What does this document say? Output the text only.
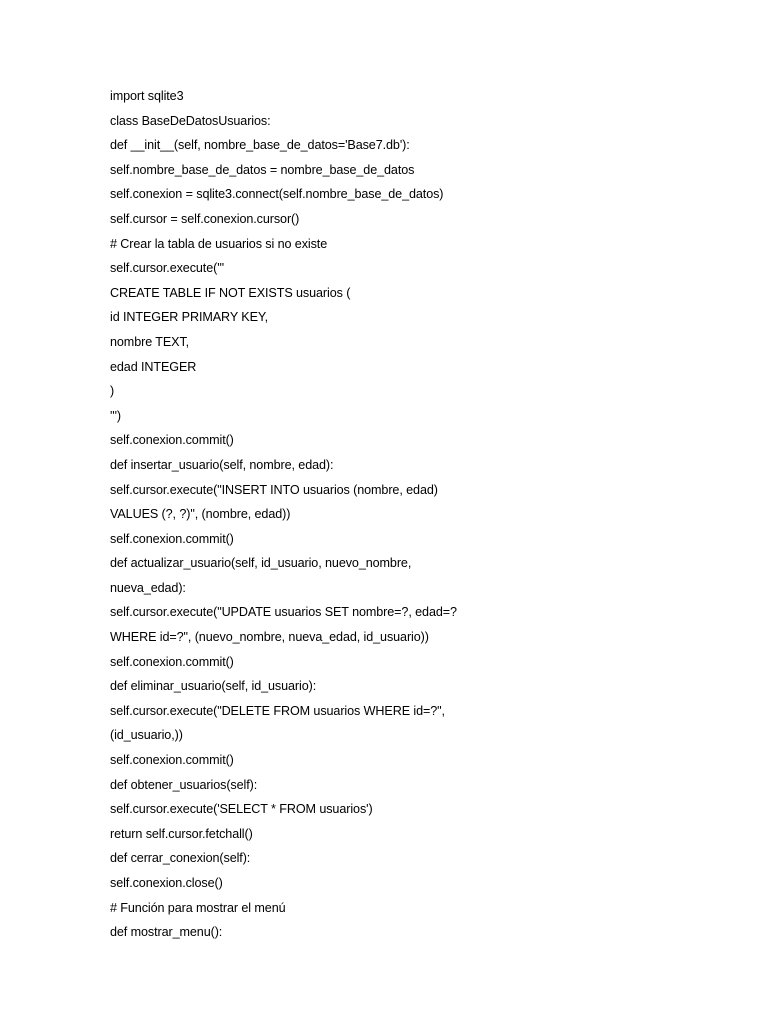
import sqlite3
class BaseDeDatosUsuarios:
def __init__(self, nombre_base_de_datos='Base7.db'):
self.nombre_base_de_datos = nombre_base_de_datos
self.conexion = sqlite3.connect(self.nombre_base_de_datos)
self.cursor = self.conexion.cursor()
# Crear la tabla de usuarios si no existe
self.cursor.execute('''
CREATE TABLE IF NOT EXISTS usuarios (
id INTEGER PRIMARY KEY,
nombre TEXT,
edad INTEGER
)
''')
self.conexion.commit()
def insertar_usuario(self, nombre, edad):
self.cursor.execute("INSERT INTO usuarios (nombre, edad)
VALUES (?, ?)", (nombre, edad))
self.conexion.commit()
def actualizar_usuario(self, id_usuario, nuevo_nombre,
nueva_edad):
self.cursor.execute("UPDATE usuarios SET nombre=?, edad=?
WHERE id=?", (nuevo_nombre, nueva_edad, id_usuario))
self.conexion.commit()
def eliminar_usuario(self, id_usuario):
self.cursor.execute("DELETE FROM usuarios WHERE id=?",
(id_usuario,))
self.conexion.commit()
def obtener_usuarios(self):
self.cursor.execute('SELECT * FROM usuarios')
return self.cursor.fetchall()
def cerrar_conexion(self):
self.conexion.close()
# Función para mostrar el menú
def mostrar_menu():
